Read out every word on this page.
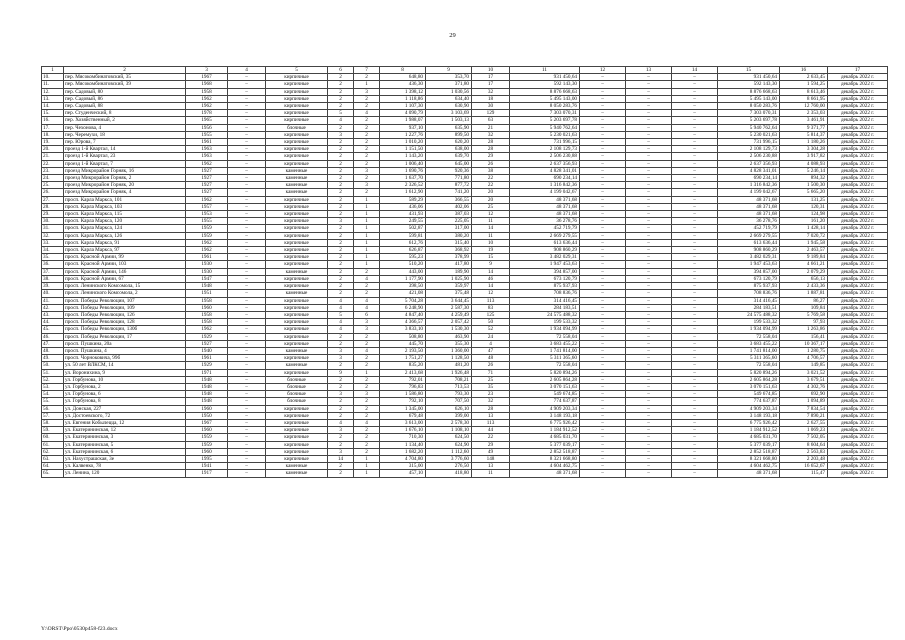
29
1	2	3	4	5	6	7	8	9	10	11	12	13	14	15	16	17
10.	пер. Мясокомбинатовский, 35	1967	–	кирпичные	2	2	648,80	353,70	17	931 450,64	–	–	–	931 450,64	2 633,45	декабрь 2022 г.
11.	пер. Мясокомбинатовский, 39	1968	–	кирпичные	2	1	436,30	371,80	17	592 143,30	–	–	–	592 143,30	1 594,25	декабрь 2022 г.
12.	пер. Садовый, 80	1958	–	кирпичные	2	3	1 398,12	1 030,56	32	8 876 668,63	–	–	–	8 876 668,63	8 613,46	декабрь 2022 г.
13.	пер. Садовый, 86	1962	–	кирпичные	2	2	1 118,86	634,40	18	5 495 143,00	–	–	–	5 495 143,00	8 661,95	декабрь 2022 г.
14.	пер. Садовый, 88	1962	–	кирпичные	2	2	1 107,30	630,90	30	8 050 283,76	–	–	–	8 050 283,76	12 760,00	декабрь 2022 г.
15.	пер. Студенческий, 8	1978	–	кирпичные	5	4	4 090,79	3 103,69	129	7 303 070,31	–	–	–	7 303 070,31	2 353,03	декабрь 2022 г.
16.	пер. Хозяйственный, 2	1965	–	кирпичные	4	2	1 988,07	1 503,13	63	5 203 697,78	–	–	–	5 203 697,78	3 461,91	декабрь 2022 г.
17.	пер. Чехонова, 4	1956	–	блочные	2	2	937,10	635,90	21	5 940 762,64	–	–	–	5 940 762,64	9 371,77	декабрь 2022 г.
18.	пер. Черемухи, 18	1955	–	кирпичные	3	2	1 227,76	899,50	32	5 230 021,63	–	–	–	5 230 021,63	5 814,37	декабрь 2022 г.
19.	пер. Юрова, 7	1961	–	кирпичные	2	2	1 010,20	620,20	28	731 996,15	–	–	–	731 996,15	1 180,26	декабрь 2022 г.
20.	проезд 1-й Квартал, 14	1963	–	кирпичные	2	2	1 151,50	638,00	28	2 108 129,73	–	–	–	2 108 129,73	3 304,28	декабрь 2022 г.
21.	проезд 1-й Квартал, 23	1963	–	кирпичные	2	2	1 143,20	639,70	29	2 506 230,88	–	–	–	2 506 230,88	3 917,82	декабрь 2022 г.
22.	проезд 1-й Квартал, 7	1962	–	кирпичные	2	2	1 006,40	645,00	26	2 637 356,93	–	–	–	2 637 356,93	4 088,93	декабрь 2022 г.
23.	проезд Микрорайон Горняк, 16	1927	–	каменные	2	3	1 690,76	920,36	38	4 828 341,01	–	–	–	4 828 341,01	5 246,14	декабрь 2022 г.
24.	проезд Микрорайон Горняк, 2	1927	–	каменные	2	2	1 637,70	771,80	22	690 234,14	–	–	–	690 234,14	894,32	декабрь 2022 г.
25.	проезд Микрорайон Горняк, 20	1927	–	каменные	2	3	2 326,52	877,72	22	1 316 842,36	–	–	–	1 316 842,36	1 500,30	декабрь 2022 г.
26.	проезд Микрорайон Горняк, 4	1927	–	каменные	2	2	1 612,90	741,20	20	4 199 042,67	–	–	–	4 199 042,67	5 665,20	декабрь 2022 г.
27.	просп. Карла Маркса, 101	1962	–	кирпичные	2	1	589,29	366,55	20	48 371,68	–	–	–	48 371,68	131,25	декабрь 2022 г.
28.	просп. Карла Маркса, 103	1957	–	кирпичные	2	1	436,06	402,06	25	48 371,68	–	–	–	48 371,68	120,31	декабрь 2022 г.
29.	просп. Карла Маркса, 115	1953	–	кирпичные	2	1	431,93	387,03	12	48 371,68	–	–	–	48 371,68	124,98	декабрь 2022 г.
30.	просп. Карла Маркса, 120	1955	–	кирпичные	3	1	249,55	225,05	11	36 278,76	–	–	–	36 278,76	161,20	декабрь 2022 г.
31.	просп. Карла Маркса, 124	1959	–	кирпичные	2	1	502,87	317,00	14	452 719,79	–	–	–	452 719,79	1 428,14	декабрь 2022 г.
32.	просп. Карла Маркса, 126	1959	–	кирпичные	2	1	599,81	380,20	11	2 669 279,55	–	–	–	2 669 279,55	7 020,72	декабрь 2022 г.
33.	просп. Карла Маркса, 91	1962	–	кирпичные	2	1	612,76	315,40	10	613 636,44	–	–	–	613 636,44	1 945,58	декабрь 2022 г.
34.	просп. Карла Маркса, 97	1962	–	кирпичные	2	1	626,87	368,92	19	908 860,29	–	–	–	908 860,29	2 463,57	декабрь 2022 г.
35.	просп. Красной Армии, 99	1961	–	кирпичные	2	1	595,23	378,99	15	3 482 029,31	–	–	–	3 482 029,31	9 189,84	декабрь 2022 г.
36.	просп. Красной Армии, 103	1930	–	кирпичные	2	1	510,20	417,80	9	1 947 453,63	–	–	–	1 947 453,63	4 661,21	декабрь 2022 г.
37.	просп. Красной Армии, 146	1930	–	каменные	2	2	443,00	189,90	14	394 857,00	–	–	–	394 857,00	2 079,29	декабрь 2022 г.
38.	просп. Красной Армии, 67	1947	–	кирпичные	2	4	1 177,90	1 025,90	46	673 120,79	–	–	–	673 120,79	656,13	декабрь 2022 г.
39.	просп. Ленинского Комсомола, 15	1948	–	кирпичные	2	2	398,50	359,97	14	875 937,93	–	–	–	875 937,93	2 433,36	декабрь 2022 г.
40.	просп. Ленинского Комсомола, 2	1951	–	каменные	2	2	421,08	375,48	12	708 836,76	–	–	–	708 836,76	1 887,81	декабрь 2022 г.
41.	просп. Победы Революции, 107	1958	–	кирпичные	4	4	5 704,28	3 644,45	113	314 416,45	–	–	–	314 416,45	86,27	декабрь 2022 г.
42.	просп. Победы Революции, 109	1960	–	кирпичные	4	4	6 248,90	2 587,30	83	284 183,51	–	–	–	284 183,51	109,84	декабрь 2022 г.
43.	просп. Победы Революции, 126	1958	–	кирпичные	5	6	4 847,40	4 259,49	125	24 575 488,32	–	–	–	24 575 488,32	5 769,58	декабрь 2022 г.
44.	просп. Победы Революции, 128	1958	–	кирпичные	4	3	4 366,57	2 057,42	50	199 533,32	–	–	–	199 533,32	97,93	декабрь 2022 г.
45.	просп. Победы Революции, 130б	1962	–	кирпичные	4	3	3 833,10	1 530,30	52	1 934 094,99	–	–	–	1 934 094,99	1 263,86	декабрь 2022 г.
46.	просп. Победы Революции, 17	1929	–	кирпичные	2	2	508,80	463,90	24	72 558,04	–	–	–	72 558,04	156,41	декабрь 2022 г.
47.	просп. Пушкина, 20а	1927	–	кирпичные	2	2	445,70	355,30	4	3 683 455,22	–	–	–	3 683 455,22	10 367,17	декабрь 2022 г.
48.	просп. Пушкина, 4	1940	–	каменные	3	4	2 193,50	1 360,00	47	1 741 814,00	–	–	–	1 741 814,00	1 280,75	декабрь 2022 г.
49.	просп. Чорноковича, 99б	1961	–	кирпичные	3	2	1 751,27	1 128,50	48	5 311 365,60	–	–	–	5 311 365,60	4 706,57	декабрь 2022 г.
50.	ул. 50 лет ВЛКСМ, 14	1929	–	каменные	2	2	835,20	481,20	26	72 558,04	–	–	–	72 558,04	149,85	декабрь 2022 г.
51.	ул. Воронихина, 9	1971	–	кирпичные	9	1	2 413,68	1 926,48	71	5 820 894,26	–	–	–	5 820 894,26	3 021,52	декабрь 2022 г.
52.	ул. Горбунова, 10	1948	–	блочные	2	2	792,01	708,21	25	2 605 864,28	–	–	–	2 605 864,28	3 679,51	декабрь 2022 г.
53.	ул. Горбунова, 2	1948	–	блочные	2	2	796,83	713,53	35	3 070 151,63	–	–	–	3 070 151,63	4 302,76	декабрь 2022 г.
54.	ул. Горбунова, 6	1948	–	блочные	3	3	1 586,80	793,30	23	549 674,85	–	–	–	549 674,85	692,90	декабрь 2022 г.
55.	ул. Горбунова, 8	1948	–	блочные	2	2	792,10	707,50	32	774 637,87	–	–	–	774 637,87	1 094,89	декабрь 2022 г.
56.	ул. Донская, 227	1960	–	кирпичные	2	2	1 345,00	626,10	28	4 909 203,34	–	–	–	4 909 203,34	7 834,54	декабрь 2022 г.
57.	ул. Достоевского, 72	1950	–	кирпичные	2	2	679,48	399,00	13	3 148 193,18	–	–	–	3 148 193,18	7 890,21	декабрь 2022 г.
58.	ул. Евгения Кобылецца, 12	1967	–	кирпичные	4	4	3 613,00	2 578,30	113	6 775 926,42	–	–	–	6 775 926,42	2 627,55	декабрь 2022 г.
59.	ул. Екатерининская, 12	1960	–	кирпичные	3	2	1 676,10	1 108,10	44	1 184 912,52	–	–	–	1 184 912,52	1 069,23	декабрь 2022 г.
60.	ул. Екатерининская, 3	1959	–	кирпичные	2	2	710,30	624,50	22	4 685 031,70	–	–	–	4 685 031,70	7 502,05	декабрь 2022 г.
61.	ул. Екатерининская, 5	1959	–	кирпичные	2	2	1 134,40	624,90	29	5 377 039,17	–	–	–	5 377 039,17	8 604,64	декабрь 2022 г.
62.	ул. Екатерининская, 6	1960	–	кирпичные	3	2	1 682,20	1 112,60	49	2 852 518,87	–	–	–	2 852 518,87	2 563,83	декабрь 2022 г.
63.	ул. Нахустрашская, 3е	1995	–	кирпичные	14	1	4 704,80	3 776,60	148	8 321 668,80	–	–	–	8 321 668,80	2 203,48	декабрь 2022 г.
64.	ул. Калвенко, 78	1941	–	каменные	2	1	315,00	276,50	13	4 604 462,75	–	–	–	4 604 462,75	16 652,67	декабрь 2022 г.
65.	ул. Ленина, 120	1917	–	каменные	2	1	457,10	418,80	11	48 371,68	–	–	–	48 371,68	115,47	декабрь 2022 г.
Y:\ORST\Ppo\0530p458-f23.docx
